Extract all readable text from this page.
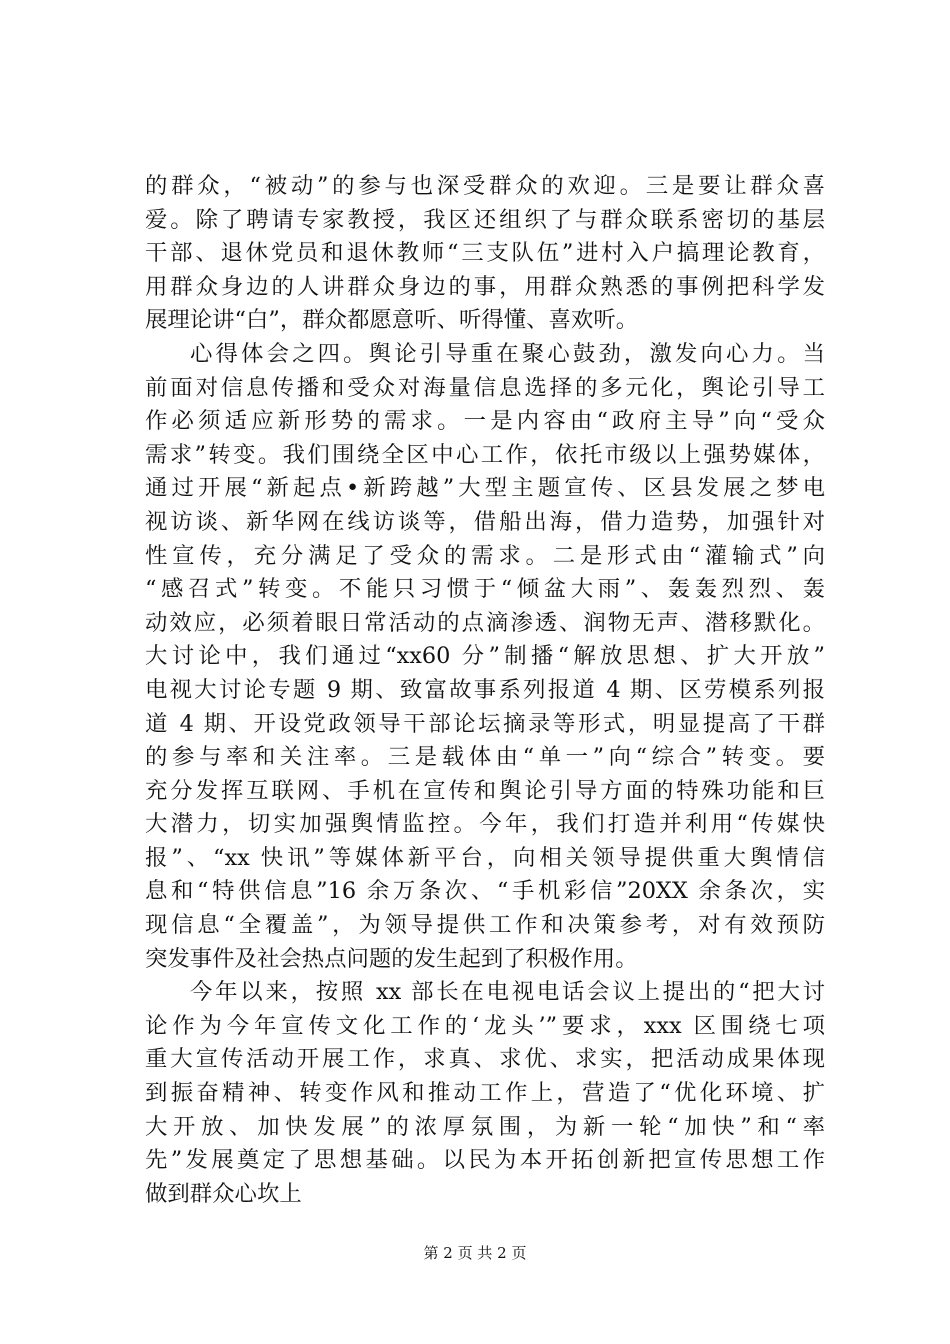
的群众，“被动”的参与也深受群众的欢迎。三是要让群众喜
爱。除了聘请专家教授，我区还组织了与群众联系密切的基层
干部、退休党员和退休教师“三支队伍”进村入户搞理论教育，
用群众身边的人讲群众身边的事，用群众熟悉的事例把科学发
展理论讲“白”，群众都愿意听、听得懂、喜欢听。
心得体会之四。舆论引导重在聚心鼓劲，激发向心力。当
前面对信息传播和受众对海量信息选择的多元化，舆论引导工
作必须适应新形势的需求。一是内容由“政府主导”向“受众
需求”转变。我们围绕全区中心工作，依托市级以上强势媒体，
通过开展“新起点•新跨越”大型主题宣传、区县发展之梦电
视访谈、新华网在线访谈等，借船出海，借力造势，加强针对
性宣传，充分满足了受众的需求。二是形式由“灌输式”向
“感召式”转变。不能只习惯于“倾盆大雨”、轰轰烈烈、轰
动效应，必须着眼日常活动的点滴渗透、润物无声、潜移默化。
大讨论中，我们通过“xx60 分”制播“解放思想、扩大开放”
电视大讨论专题 9 期、致富故事系列报道 4 期、区劳模系列报
道 4 期、开设党政领导干部论坛摘录等形式，明显提高了干群
的参与率和关注率。三是载体由“单一”向“综合”转变。要
充分发挥互联网、手机在宣传和舆论引导方面的特殊功能和巨
大潜力，切实加强舆情监控。今年，我们打造并利用“传媒快
报”、“xx 快讯”等媒体新平台，向相关领导提供重大舆情信
息和“特供信息”16 余万条次、“手机彩信”20XX 余条次，实
现信息“全覆盖”，为领导提供工作和决策参考，对有效预防
突发事件及社会热点问题的发生起到了积极作用。
今年以来，按照 xx 部长在电视电话会议上提出的“把大讨
论作为今年宣传文化工作的‘龙头’”要求，xxx 区围绕七项
重大宣传活动开展工作，求真、求优、求实，把活动成果体现
到振奋精神、转变作风和推动工作上，营造了“优化环境、扩
大开放、加快发展”的浓厚氛围，为新一轮“加快”和“率
先”发展奠定了思想基础。以民为本开拓创新把宣传思想工作
做到群众心坎上
第 2 页 共 2 页
